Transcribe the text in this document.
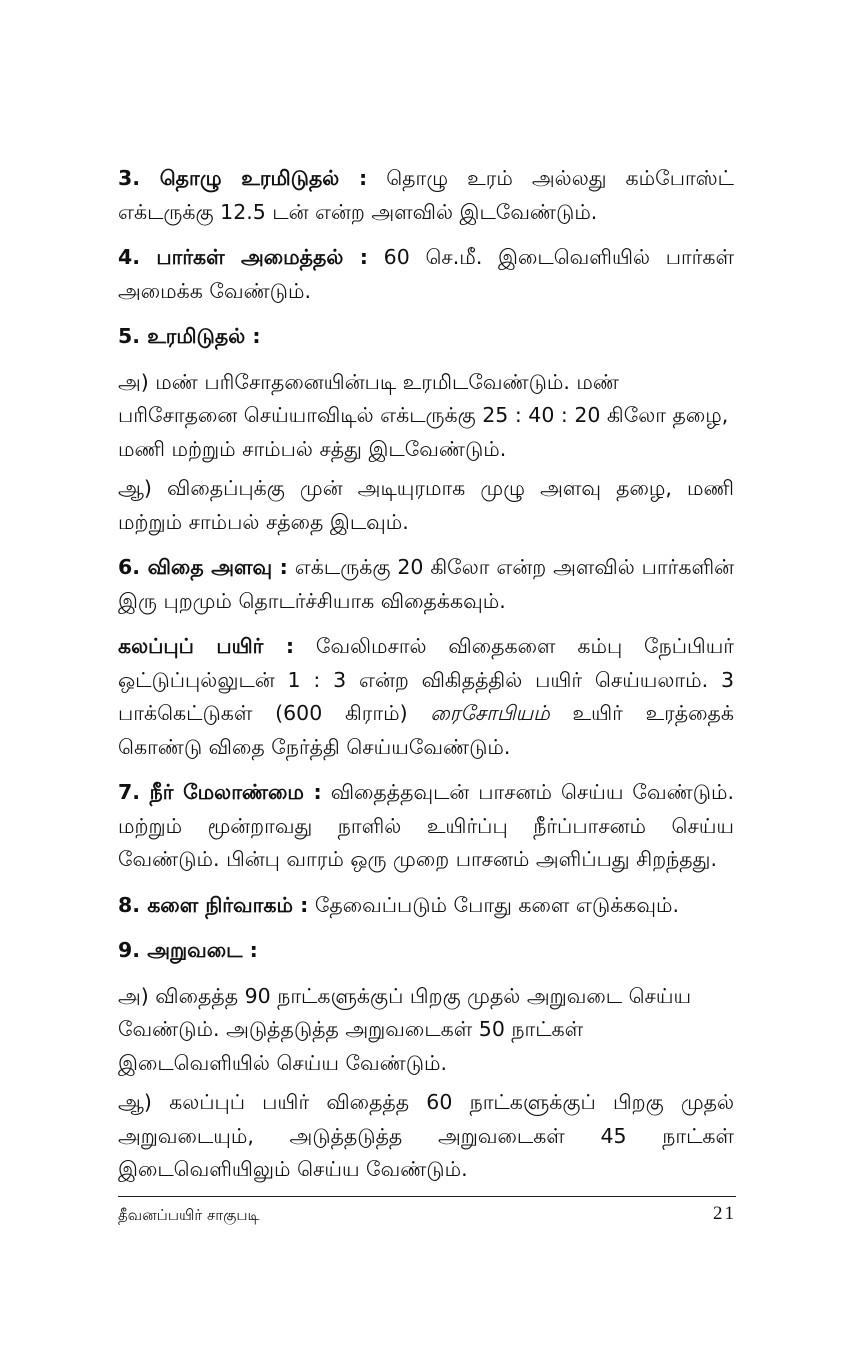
3. தொழு உரமிடுதல் : தொழு உரம் அல்லது கம்போஸ்ட் எக்டருக்கு 12.5 டன் என்ற அளவில் இடவேண்டும்.

4. பார்கள் அமைத்தல் : 60 செ.மீ. இடைவெளியில் பார்கள் அமைக்க வேண்டும்.

5. உரமிடுதல் :

அ) மண் பரிசோதனையின்படி உரமிடவேண்டும். மண் பரிசோதனை செய்யாவிடில் எக்டருக்கு 25 : 40 : 20 கிலோ தழை, மணி மற்றும் சாம்பல் சத்து இடவேண்டும்.

ஆ) விதைப்புக்கு முன் அடியுரமாக முழு அளவு தழை, மணி மற்றும் சாம்பல் சத்தை இடவும்.

6. விதை அளவு : எக்டருக்கு 20 கிலோ என்ற அளவில் பார்களின் இரு புறமும் தொடர்ச்சியாக விதைக்கவும்.

கலப்புப் பயிர் : வேலிமசால் விதைகளை கம்பு நேப்பியர் ஒட்டுப்புல்லுடன் 1 : 3 என்ற விகிதத்தில் பயிர் செய்யலாம். 3 பாக்கெட்டுகள் (600 கிராம்) ரைசோபியம் உயிர் உரத்தைக் கொண்டு விதை நேர்த்தி செய்யவேண்டும்.

7. நீர் மேலாண்மை : விதைத்தவுடன் பாசனம் செய்ய வேண்டும். மற்றும் மூன்றாவது நாளில் உயிர்ப்பு நீர்ப்பாசனம் செய்ய வேண்டும். பின்பு வாரம் ஒரு முறை பாசனம் அளிப்பது சிறந்தது.

8. களை நிர்வாகம் : தேவைப்படும் போது களை எடுக்கவும்.

9. அறுவடை :

அ) விதைத்த 90 நாட்களுக்குப் பிறகு முதல் அறுவடை செய்ய வேண்டும். அடுத்தடுத்த அறுவடைகள் 50 நாட்கள் இடைவெளியில் செய்ய வேண்டும்.

ஆ) கலப்புப் பயிர் விதைத்த 60 நாட்களுக்குப் பிறகு முதல் அறுவடையும், அடுத்தடுத்த அறுவடைகள் 45 நாட்கள் இடைவெளியிலும் செய்ய வேண்டும்.

தீவனப்பயிர் சாகுபடி	21
